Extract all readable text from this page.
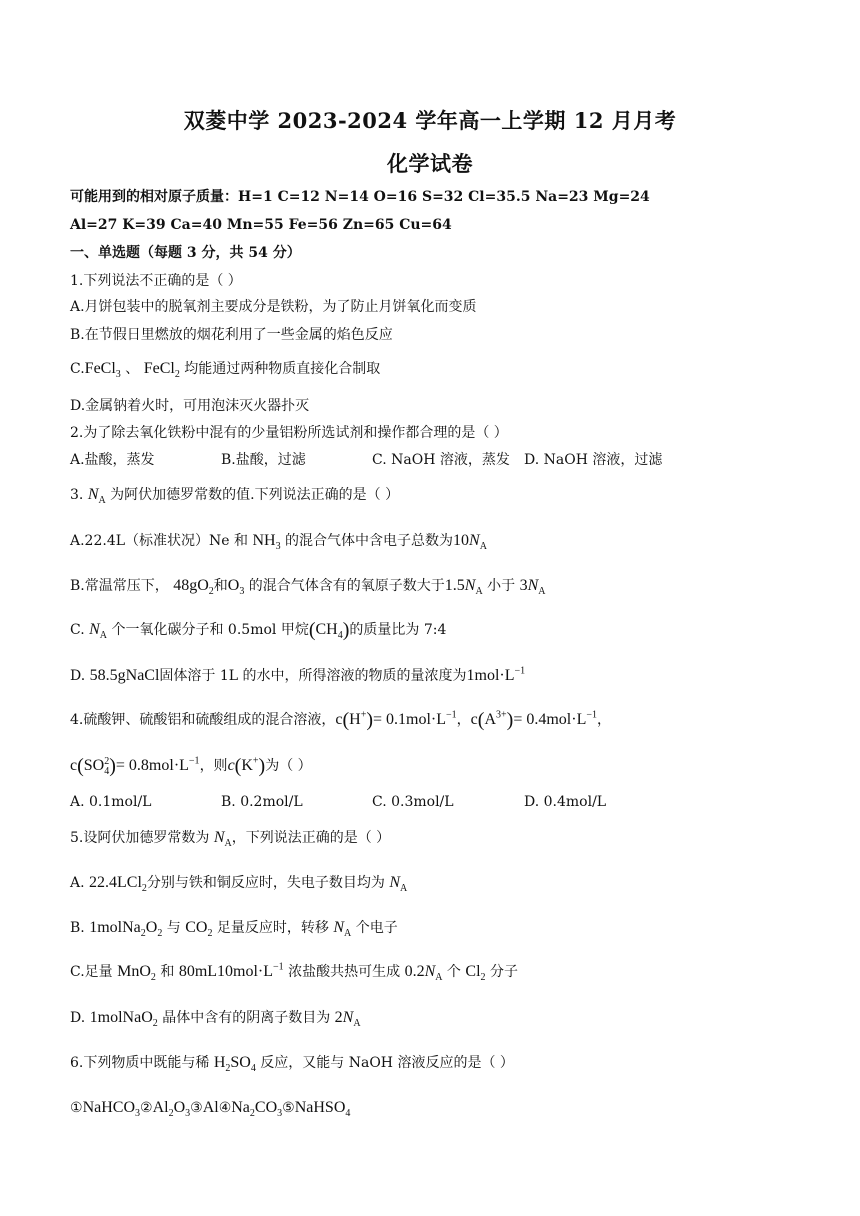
双菱中学 2023-2024 学年高一上学期 12 月月考
化学试卷
可能用到的相对原子质量：H=1 C=12 N=14 O=16 S=32 Cl=35.5 Na=23 Mg=24
Al=27 K=39 Ca=40 Mn=55 Fe=56 Zn=65 Cu=64
一、单选题（每题 3 分，共 54 分）
1.下列说法不正确的是（ ）
A.月饼包装中的脱氧剂主要成分是铁粉，为了防止月饼氧化而变质
B.在节假日里燃放的烟花利用了一些金属的焰色反应
C.FeCl$_3$ 、 FeCl$_2$ 均能通过两种物质直接化合制取
D.金属钠着火时，可用泡沫灭火器扑灭
2.为了除去氧化铁粉中混有的少量铝粉所选试剂和操作都合理的是（ ）
A.盐酸，蒸发	B.盐酸，过滤	C. NaOH 溶液，蒸发 D. NaOH 溶液，过滤
3. $N_A$ 为阿伏加德罗常数的值.下列说法正确的是（ ）
A.22.4L（标准状况）Ne 和 $NH_3$ 的混合气体中含电子总数为$10N_A$
B.常温常压下， $48gO_2$和$O_3$ 的混合气体含有的氧原子数大于$1.5N_A$ 小于 $3N_A$
C. $N_A$ 个一氧化碳分子和 0.5mol 甲烷$(CH_4)$的质量比为 7:4
D. 58.5gNaCl固体溶于 1L 的水中，所得溶液的物质的量浓度为$1mol\cdot L^{-1}$
4.硫酸钾、硫酸铝和硫酸组成的混合溶液，$c(H^+)= 0.1mol\cdot L^{-1}$，$c(A^{3+})= 0.4mol\cdot L^{-1}$，
$c(SO_4^2)= 0.8mol\cdot L^{-1}$，则c(K+)为（ ）
A. 0.1mol/L	B. 0.2mol/L	C. 0.3mol/L	D. 0.4mol/L
5.设阿伏加德罗常数为 $N_A$，下列说法正确的是（ ）
A. 22.4LCl$_2$分别与铁和铜反应时，失电子数目均为 $N_A$
B. $1molNa_2O_2$ 与 $CO_2$ 足量反应时，转移 $N_A$ 个电子
C.足量 MnO$_2$ 和 $80mL10mol\cdot L^{-1}$ 浓盐酸共热可生成 $0.2N_A$ 个 $Cl_2$ 分子
D. 1molNaO$_2$ 晶体中含有的阴离子数目为 $2N_A$
6.下列物质中既能与稀 $H_2SO_4$ 反应，又能与 NaOH 溶液反应的是（ ）
$①NaHCO_3②Al_2O_3③Al④Na_2CO_3⑤NaHSO_4$
